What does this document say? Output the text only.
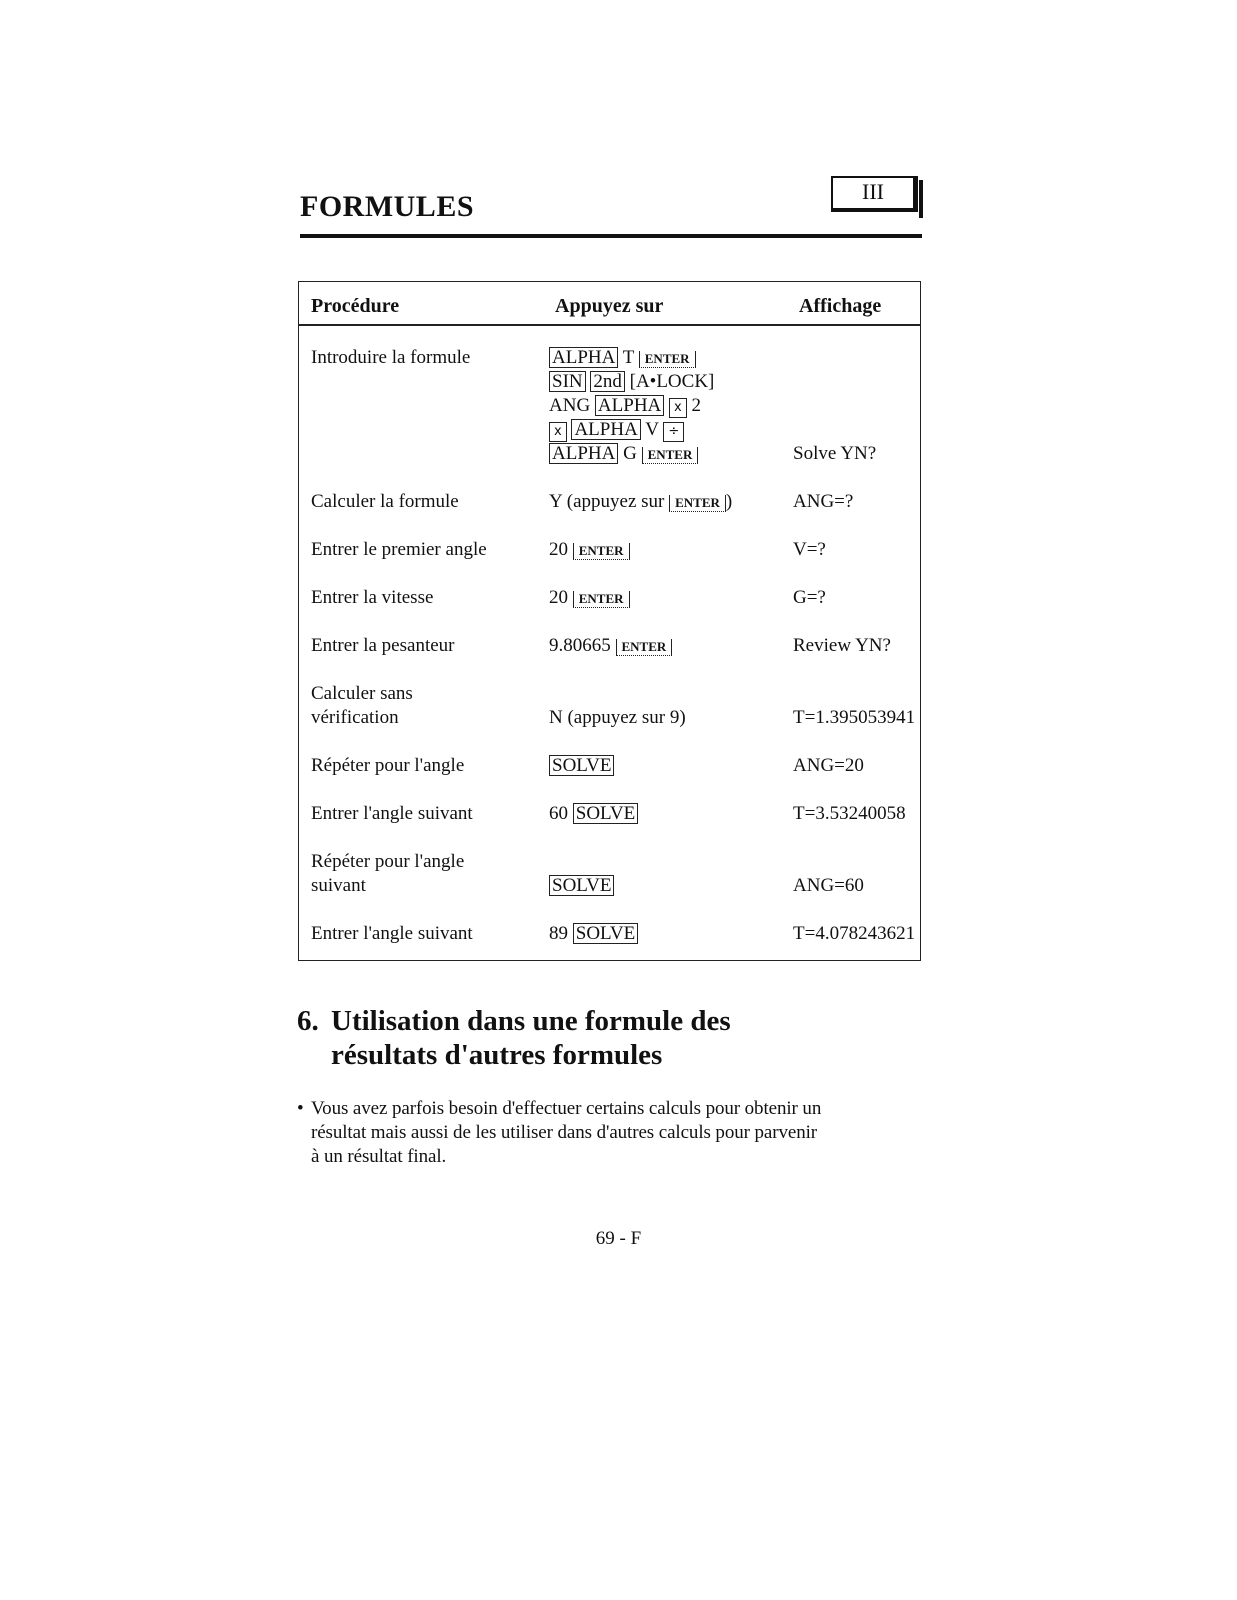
FORMULES	III
Procédure	Appuyez sur	Affichage
Introduire la formule	ALPHA T ENTER
SIN 2nd [A•LOCK]
ANG ALPHA x 2
x ALPHA V ÷
ALPHA G ENTER	Solve YN?
Calculer la formule	Y (appuyez sur ENTER )	ANG=?
Entrer le premier angle	20 ENTER	V=?
Entrer la vitesse	20 ENTER	G=?
Entrer la pesanteur	9.80665 ENTER	Review YN?

Calculer sans
vérification	N (appuyez sur 9)	T=1.395053941
Répéter pour l'angle	SOLVE	ANG=20
Entrer l'angle suivant	60 SOLVE	T=3.53240058

Répéter pour l'angle
suivant	SOLVE	ANG=60
Entrer l'angle suivant	89 SOLVE	T=4.078243621
6. Utilisation dans une formule des
résultats d'autres formules

• Vous avez parfois besoin d'effectuer certains calculs pour obtenir un
résultat mais aussi de les utiliser dans d'autres calculs pour parvenir
à un résultat final.

69 - F
